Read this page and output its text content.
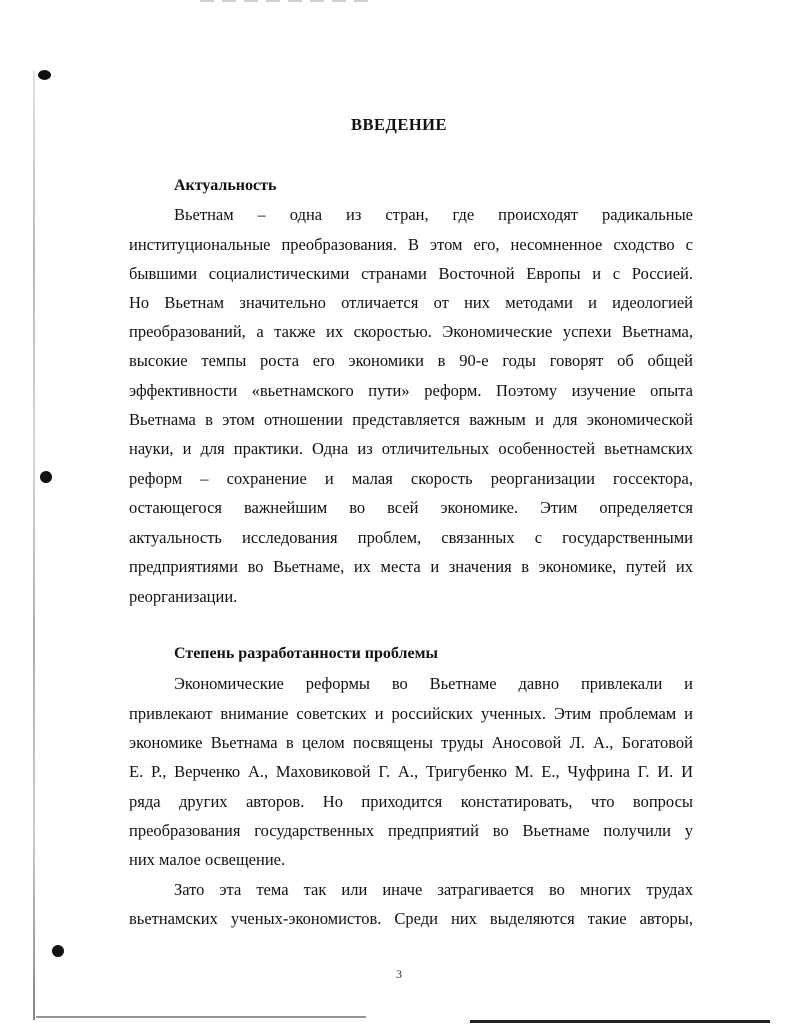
ВВЕДЕНИЕ
Актуальность
Вьетнам – одна из стран, где происходят радикальные
институциональные преобразования. В этом его, несомненное сходство с
бывшими социалистическими странами Восточной Европы и с Россией.
Но Вьетнам значительно отличается от них методами и идеологией
преобразований, а также их скоростью. Экономические успехи Вьетнама,
высокие темпы роста его экономики в 90-е годы говорят об общей
эффективности «вьетнамского пути» реформ. Поэтому изучение опыта
Вьетнама в этом отношении представляется важным и для экономической
науки, и для практики. Одна из отличительных особенностей вьетнамских
реформ – сохранение и малая скорость реорганизации госсектора,
остающегося важнейшим во всей экономике. Этим определяется
актуальность исследования проблем, связанных с государственными
предприятиями во Вьетнаме, их места и значения в экономике, путей их
реорганизации.
Степень разработанности проблемы
Экономические реформы во Вьетнаме давно привлекали и
привлекают внимание советских и российских ученных. Этим проблемам и
экономике Вьетнама в целом посвящены труды Аносовой Л. А., Богатовой
Е. Р., Верченко А., Маховиковой Г. А., Тригубенко М. Е., Чуфрина Г. И. И
ряда других авторов. Но приходится констатировать, что вопросы
преобразования государственных предприятий во Вьетнаме получили у
них малое освещение.
Зато эта тема так или иначе затрагивается во многих трудах
вьетнамских ученых-экономистов. Среди них выделяются такие авторы,
3
